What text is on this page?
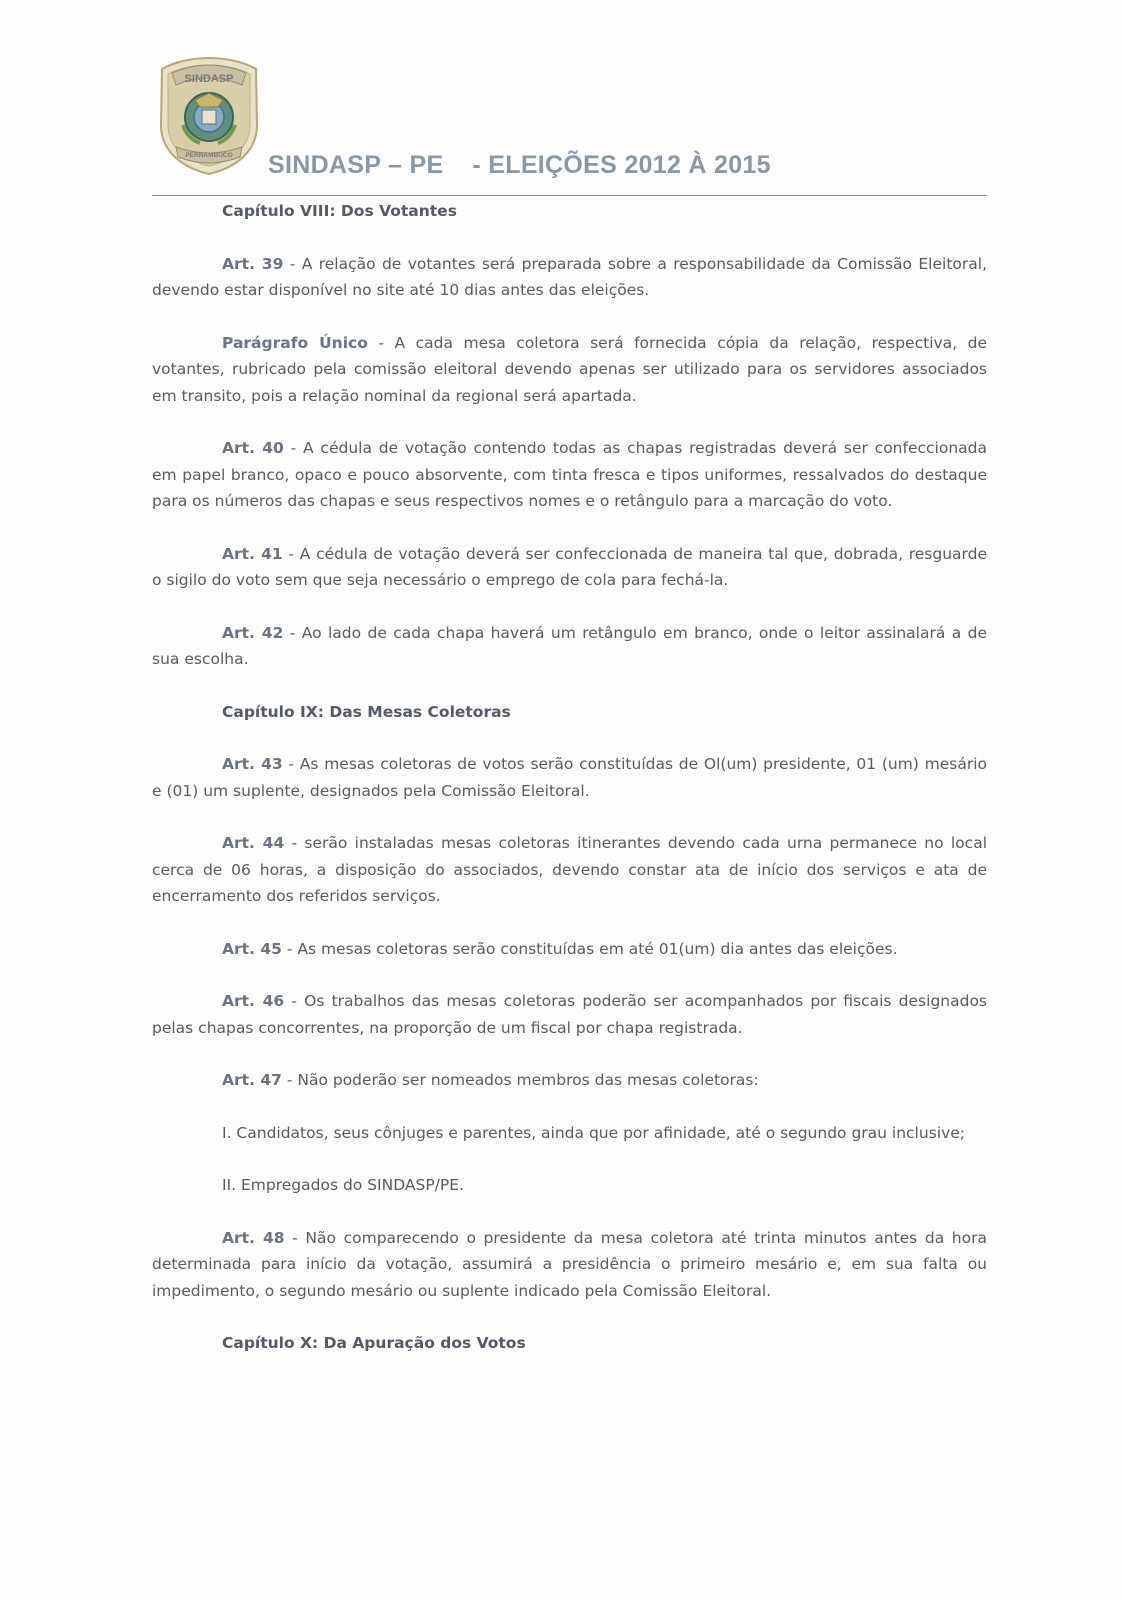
SINDASP
PERNAMBUCO SINDASP – PE    - ELEIÇÕES 2012 À 2015

Capítulo VIII: Dos Votantes

Art. 39 - A relação de votantes será preparada sobre a responsabilidade da Comissão Eleitoral, devendo estar disponível no site até 10 dias antes das eleições.

Parágrafo Único - A cada mesa coletora será fornecida cópia da relação, respectiva, de votantes, rubricado pela comissão eleitoral devendo apenas ser utilizado para os servidores associados em transito, pois a relação nominal da regional será apartada.

Art. 40 - A cédula de votação contendo todas as chapas registradas deverá ser confeccionada em papel branco, opaco e pouco absorvente, com tinta fresca e tipos uniformes, ressalvados do destaque para os números das chapas e seus respectivos nomes e o retângulo para a marcação do voto.

Art. 41 - A cédula de votação deverá ser confeccionada de maneira tal que, dobrada, resguarde o sigilo do voto sem que seja necessário o emprego de cola para fechá-la.

Art. 42 - Ao lado de cada chapa haverá um retângulo em branco, onde o leitor assinalará a de sua escolha.

Capítulo IX: Das Mesas Coletoras

Art. 43 - As mesas coletoras de votos serão constituídas de Ol(um) presidente, 01 (um) mesário e (01) um suplente, designados pela Comissão Eleitoral.

Art. 44 - serão instaladas mesas coletoras itinerantes devendo cada urna permanece no local cerca de 06 horas, a disposição do associados, devendo constar ata de início dos serviços e ata de encerramento dos referidos serviços.

Art. 45 - As mesas coletoras serão constituídas em até 01(um) dia antes das eleições.

Art. 46 - Os trabalhos das mesas coletoras poderão ser acompanhados por fiscais designados pelas chapas concorrentes, na proporção de um fiscal por chapa registrada.

Art. 47 - Não poderão ser nomeados membros das mesas coletoras:

I. Candidatos, seus cônjuges e parentes, ainda que por afinidade, até o segundo grau inclusive;

II. Empregados do SINDASP/PE.

Art. 48 - Não comparecendo o presidente da mesa coletora até trinta minutos antes da hora determinada para início da votação, assumirá a presidência o primeiro mesário e, em sua falta ou impedimento, o segundo mesário ou suplente indicado pela Comissão Eleitoral.

Capítulo X: Da Apuração dos Votos
